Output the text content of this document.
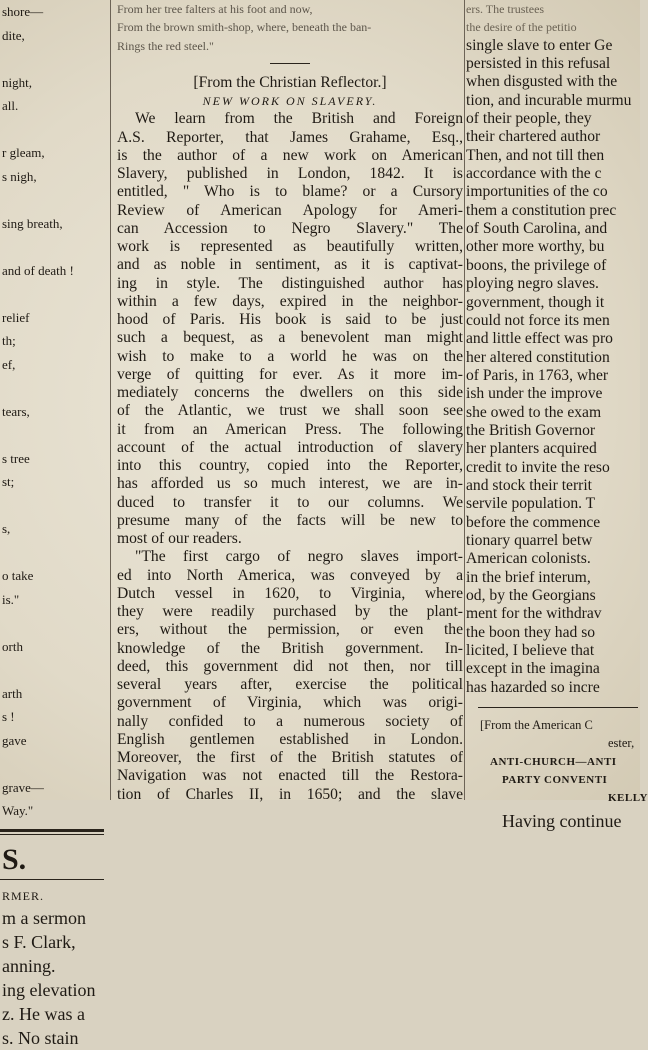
shore—
dite,

night,
all.

r gleam,
s nigh,

sing breath,

and of death !

relief
th;
ef,

tears,

s tree
st;

s,

o take
is."

orth

arth
s !
gave

grave—
Way."
S.
RMER.
m a sermon
s F. Clark,
anning.
ing elevation
z. He was a
s. No stain
From her tree falters at his foot and now,
From the brown smith-shop, where, beneath the ban-
Rings the red steel."
[From the Christian Reflector.]
NEW WORK ON SLAVERY.
We learn from the British and Foreign
A.S. Reporter, that James Grahame, Esq.,
is the author of a new work on American
Slavery, published in London, 1842. It is
entitled, " Who is to blame? or a Cursory
Review of American Apology for Ameri-
can Accession to Negro Slavery." The
work is represented as beautifully written,
and as noble in sentiment, as it is captivat-
ing in style. The distinguished author has
within a few days, expired in the neighbor-
hood of Paris. His book is said to be just
such a bequest, as a benevolent man might
wish to make to a world he was on the
verge of quitting for ever. As it more im-
mediately concerns the dwellers on this side
of the Atlantic, we trust we shall soon see
it from an American Press. The following
account of the actual introduction of slavery
into this country, copied into the Reporter,
has afforded us so much interest, we are in-
duced to transfer it to our columns. We
presume many of the facts will be new to
most of our readers.
"The first cargo of negro slaves import-
ed into North America, was conveyed by a
Dutch vessel in 1620, to Virginia, where
they were readily purchased by the plant-
ers, without the permission, or even the
knowledge of the British government. In-
deed, this government did not then, nor till
several years after, exercise the political
government of Virginia, which was origi-
nally confided to a numerous society of
English gentlemen established in London.
Moreover, the first of the British statutes of
Navigation was not enacted till the Restora-
tion of Charles II, in 1650; and the slave
ers. The trustees
the desire of the petitio
single slave to enter Ge
persisted in this refusal
when disgusted with the
tion, and incurable murmu
of their people, they
their chartered author
Then, and not till then
accordance with the c
importunities of the co
them a constitution prec
of South Carolina, and
other more worthy, bu
boons, the privilege of
ploying negro slaves.
government, though it
could not force its men
and little effect was pro
her altered constitution
of Paris, in 1763, wher
ish under the improve
she owed to the exam
the British Governor
her planters acquired
credit to invite the reso
and stock their territ
servile population. T
before the commence
tionary quarrel betw
American colonists.
in the brief interum,
od, by the Georgians
ment for the withdrav
the boon they had so
licited, I believe that
except in the imagina
has hazarded so incre
[From the American C
ester,
ANTI-CHURCH—ANTI
PARTY CONVENTI
KELLY
Having continue
